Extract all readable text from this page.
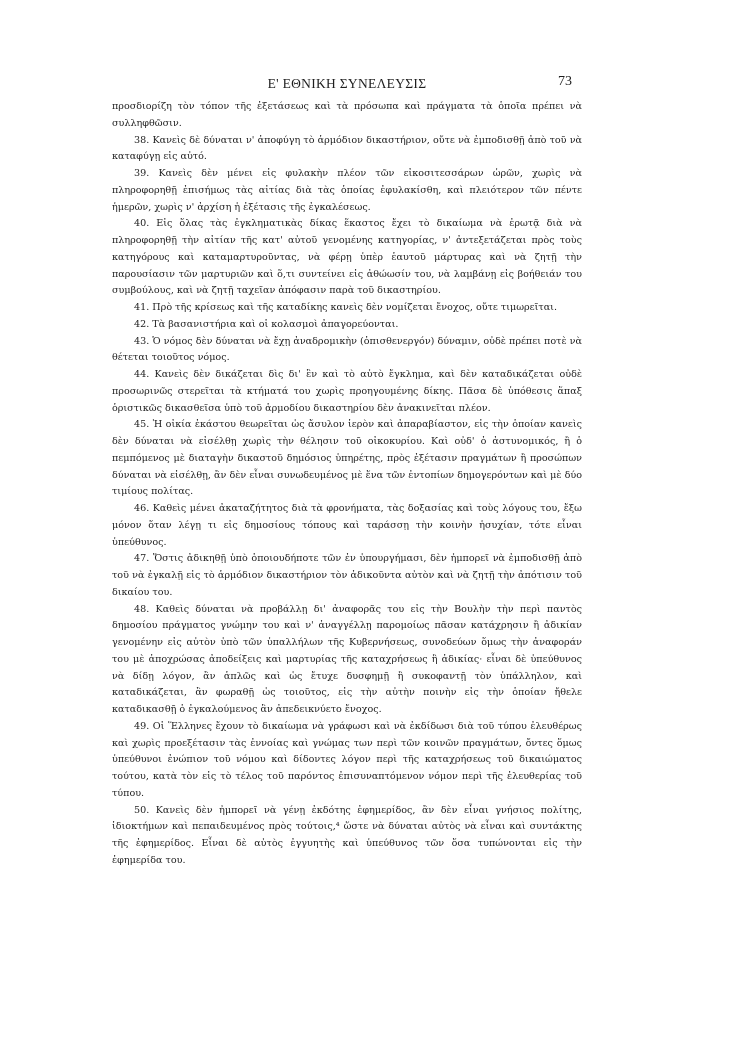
Ε' ΕΘΝΙΚΗ ΣΥΝΕΛΕΥΣΙΣ	73

προσδιορίζη τὸν τόπον τῆς ἐξετάσεως καὶ τὰ πρόσωπα καὶ πράγματα τὰ ὁποῖα πρέπει νὰ συλληφθῶσιν.

38. Κανεὶς δὲ δύναται ν' ἀποφύγη τὸ ἁρμόδιον δικαστήριον, οὔτε νὰ ἐμποδισθῇ ἀπὸ τοῦ νὰ καταφύγῃ εἰς αὐτό.

39. Κανεὶς δὲν μένει εἰς φυλακὴν πλέον τῶν εἰκοσιτεσσάρων ὡρῶν, χωρὶς νὰ πληροφορηθῇ ἐπισήμως τὰς αἰτίας διὰ τὰς ὁποίας ἐφυλακίσθη, καὶ πλειότερον τῶν πέντε ἡμερῶν, χωρὶς ν' ἀρχίση ἡ ἐξέτασις τῆς ἐγκαλέσεως.

40. Εἰς ὅλας τὰς ἐγκληματικὰς δίκας ἕκαστος ἔχει τὸ δικαίωμα νὰ ἐρωτᾷ διὰ νὰ πληροφορηθῇ τὴν αἰτίαν τῆς κατ' αὐτοῦ γενομένης κατηγορίας, ν' ἀντεξετάζεται πρὸς τοὺς κατηγόρους καὶ καταμαρτυροῦντας, νὰ φέρῃ ὑπὲρ ἑαυτοῦ μάρτυρας καὶ νὰ ζητῇ τὴν παρουσίασιν τῶν μαρτυριῶν καὶ ὅ,τι συντείνει εἰς ἀθώωσίν του, νὰ λαμβάνῃ εἰς βοήθειάν του συμβούλους, καὶ νὰ ζητῇ ταχεῖαν ἀπόφασιν παρὰ τοῦ δικαστηρίου.

41. Πρὸ τῆς κρίσεως καὶ τῆς καταδίκης κανεὶς δὲν νομίζεται ἔνοχος, οὔτε τιμωρεῖται.

42. Τὰ βασανιστήρια καὶ οἱ κολασμοὶ ἀπαγορεύονται.

43. Ὁ νόμος δὲν δύναται νὰ ἔχῃ ἀναδρομικὴν (ὀπισθενεργόν) δύναμιν, οὐδὲ πρέπει ποτὲ νὰ θέτεται τοιοῦτος νόμος.

44. Κανεὶς δὲν δικάζεται δὶς δι' ἓν καὶ τὸ αὐτὸ ἔγκλημα, καὶ δὲν καταδικάζεται οὐδὲ προσωρινῶς στερεῖται τὰ κτήματά του χωρὶς προηγουμένης δίκης. Πᾶσα δὲ ὑπόθεσις ἅπαξ ὁριστικῶς δικασθεῖσα ὑπὸ τοῦ ἁρμοδίου δικαστηρίου δὲν ἀνακινεῖται πλέον.

45. Ἡ οἰκία ἑκάστου θεωρεῖται ὡς ἄσυλον ἱερὸν καὶ ἀπαραβίαστον, εἰς τὴν ὁποίαν κανεὶς δὲν δύναται νὰ εἰσέλθῃ χωρὶς τὴν θέλησιν τοῦ οἰκοκυρίου. Καὶ οὐδ' ὁ ἀστυνομικός, ἢ ὁ πεμπόμενος μὲ διαταγὴν δικαστοῦ δημόσιος ὑπηρέτης, πρὸς ἐξέτασιν πραγμάτων ἢ προσώπων δύναται νὰ εἰσέλθῃ, ἂν δὲν εἶναι συνωδευμένος μὲ ἕνα τῶν ἐντοπίων δημογερόντων καὶ μὲ δύο τιμίους πολίτας.

46. Καθεὶς μένει ἀκαταζήτητος διὰ τὰ φρονήματα, τὰς δοξασίας καὶ τοὺς λόγους του, ἔξω μόνον ὅταν λέγῃ τι εἰς δημοσίους τόπους καὶ ταράσσῃ τὴν κοινὴν ἡσυχίαν, τότε εἶναι ὑπεύθυνος.

47. Ὅστις ἀδικηθῇ ὑπὸ ὁποιουδήποτε τῶν ἐν ὑπουργήμασι, δὲν ἠμπορεῖ νὰ ἐμποδισθῇ ἀπὸ τοῦ νὰ ἐγκαλῇ εἰς τὸ ἁρμόδιον δικαστήριον τὸν ἀδικοῦντα αὐτὸν καὶ νὰ ζητῇ τὴν ἀπότισιν τοῦ δικαίου του.

48. Καθεὶς δύναται νὰ προβάλλῃ δι' ἀναφορᾶς του εἰς τὴν Βουλὴν τὴν περὶ παντὸς δημοσίου πράγματος γνώμην του καὶ ν' ἀναγγέλλῃ παρομοίως πᾶσαν κατάχρησιν ἢ ἀδικίαν γενομένην εἰς αὐτὸν ὑπὸ τῶν ὑπαλλήλων τῆς Κυβερνήσεως, συνοδεύων ὅμως τὴν ἀναφοράν του μὲ ἀποχρώσας ἀποδείξεις καὶ μαρτυρίας τῆς καταχρήσεως ἢ ἀδικίας· εἶναι δὲ ὑπεύθυνος νὰ δίδῃ λόγον, ἂν ἁπλῶς καὶ ὡς ἔτυχε δυσφημῇ ἢ συκοφαντῇ τὸν ὑπάλληλον, καὶ καταδικάζεται, ἂν φωραθῇ ὡς τοιοῦτος, εἰς τὴν αὐτὴν ποινὴν εἰς τὴν ὁποίαν ἤθελε καταδικασθῇ ὁ ἐγκαλούμενος ἂν ἀπεδεικνύετο ἔνοχος.

49. Οἱ Ἕλληνες ἔχουν τὸ δικαίωμα νὰ γράφωσι καὶ νὰ ἐκδίδωσι διὰ τοῦ τύπου ἐλευθέρως καὶ χωρὶς προεξέτασιν τὰς ἐννοίας καὶ γνώμας των περὶ τῶν κοινῶν πραγμάτων, ὄντες ὅμως ὑπεύθυνοι ἐνώπιον τοῦ νόμου καὶ δίδοντες λόγον περὶ τῆς καταχρήσεως τοῦ δικαιώματος τούτου, κατὰ τὸν εἰς τὸ τέλος τοῦ παρόντος ἐπισυναπτόμενον νόμον περὶ τῆς ἐλευθερίας τοῦ τύπου.

50. Κανεὶς δὲν ἠμπορεῖ νὰ γένῃ ἐκδότης ἐφημερίδος, ἂν δὲν εἶναι γνήσιος πολίτης, ἰδιοκτήμων καὶ πεπαιδευμένος πρὸς τούτοις,⁴ ὥστε νὰ δύναται αὐτὸς νὰ εἶναι καὶ συντάκτης τῆς ἐφημερίδος. Εἶναι δὲ αὐτὸς ἐγγυητὴς καὶ ὑπεύθυνος τῶν ὅσα τυπώνονται εἰς τὴν ἐφημερίδα του.
